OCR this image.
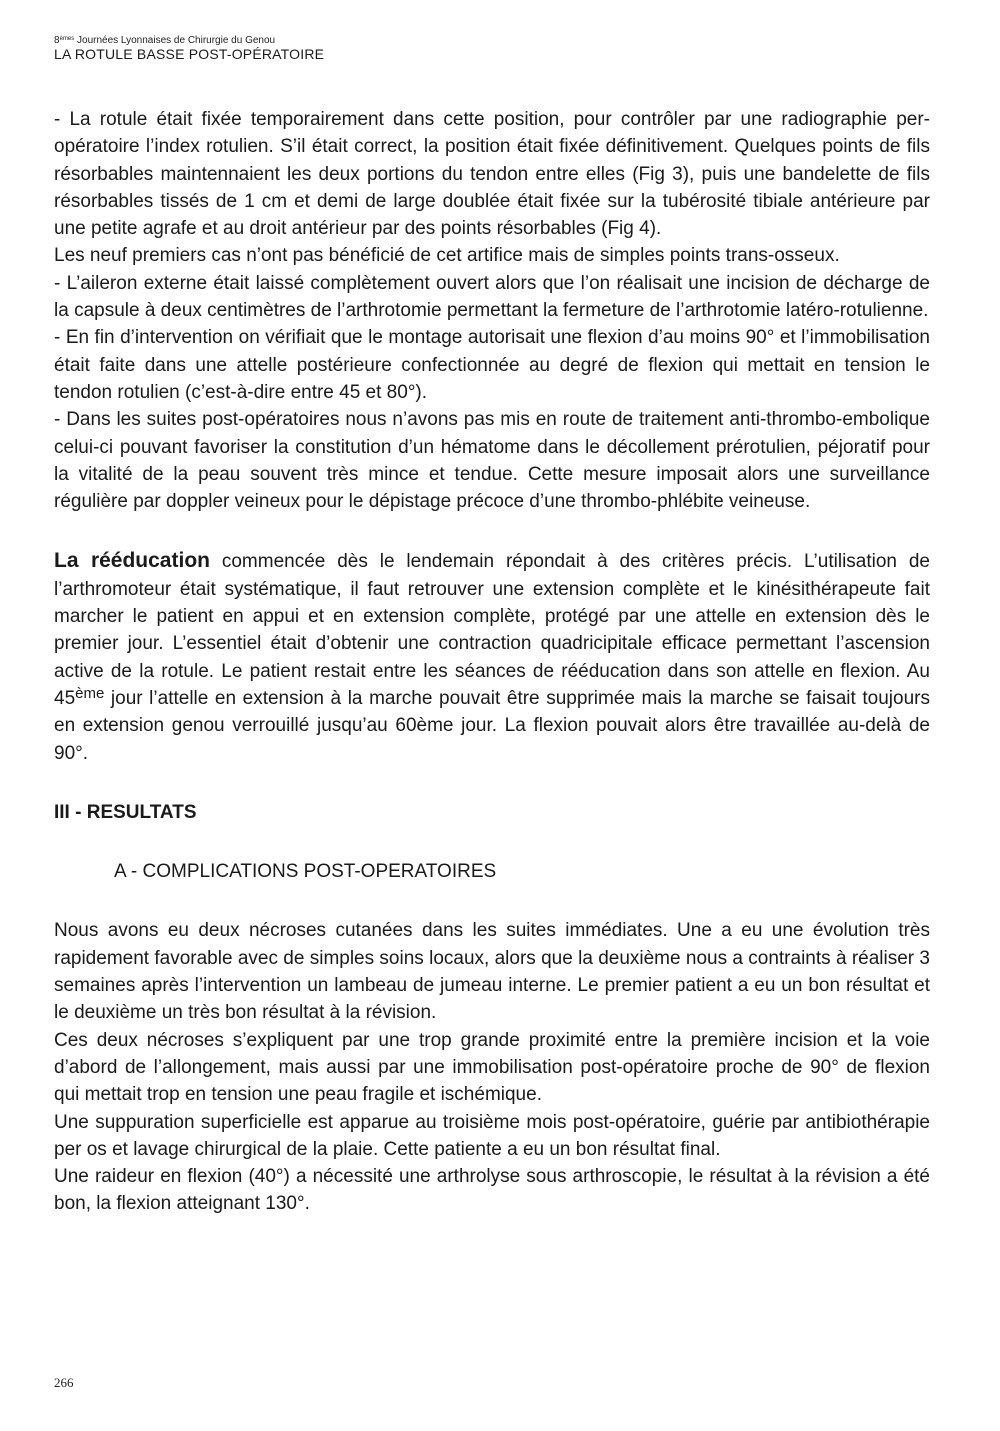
8èmes Journées Lyonnaises de Chirurgie du Genou
LA ROTULE BASSE POST-OPÉRATOIRE

- La rotule était fixée temporairement dans cette position, pour contrôler par une radiographie per-opératoire l’index rotulien. S’il était correct, la position était fixée définitivement. Quelques points de fils résorbables maintennaient les deux portions du tendon entre elles (Fig 3), puis une bandelette de fils résorbables tissés de 1 cm et demi de large doublée était fixée sur la tubérosité tibiale antérieure par une petite agrafe et au droit antérieur par des points résorbables (Fig 4).

Les neuf premiers cas n’ont pas bénéficié de cet artifice mais de simples points trans-osseux.

- L’aileron externe était laissé complètement ouvert alors que l’on réalisait une incision de décharge de la capsule à deux centimètres de l’arthrotomie permettant la fermeture de l’arthrotomie latéro-rotulienne.

- En fin d’intervention on vérifiait que le montage autorisait une flexion d’au moins 90° et l’immobilisation était faite dans une attelle postérieure confectionnée au degré de flexion qui mettait en tension le tendon rotulien (c’est-à-dire entre 45 et 80°).

- Dans les suites post-opératoires nous n’avons pas mis en route de traitement anti-thrombo-embolique celui-ci pouvant favoriser la constitution d’un hématome dans le décollement prérotulien, péjoratif pour la vitalité de la peau souvent très mince et tendue. Cette mesure imposait alors une surveillance régulière par doppler veineux pour le dépistage précoce d’une thrombo-phlébite veineuse.

La rééducation commencée dès le lendemain répondait à des critères précis. L’utilisation de l’arthromoteur était systématique, il faut retrouver une extension complète et le kinésithérapeute fait marcher le patient en appui et en extension complète, protégé par une attelle en extension dès le premier jour. L’essentiel était d’obtenir une contraction quadricipitale efficace permettant l’ascension active de la rotule. Le patient restait entre les séances de rééducation dans son attelle en flexion. Au 45ème jour l’attelle en extension à la marche pouvait être supprimée mais la marche se faisait toujours en extension genou verrouillé jusqu’au 60ème jour. La flexion pouvait alors être travaillée au-delà de 90°.

III - RESULTATS

A - COMPLICATIONS POST-OPERATOIRES

Nous avons eu deux nécroses cutanées dans les suites immédiates. Une a eu une évolution très rapidement favorable avec de simples soins locaux, alors que la deuxième nous a contraints à réaliser 3 semaines après l’intervention un lambeau de jumeau interne. Le premier patient a eu un bon résultat et le deuxième un très bon résultat à la révision.

Ces deux nécroses s’expliquent par une trop grande proximité entre la première incision et la voie d’abord de l’allongement, mais aussi par une immobilisation post-opératoire proche de 90° de flexion qui mettait trop en tension une peau fragile et ischémique.

Une suppuration superficielle est apparue au troisième mois post-opératoire, guérie par antibiothérapie per os et lavage chirurgical de la plaie. Cette patiente a eu un bon résultat final.

Une raideur en flexion (40°) a nécessité une arthrolyse sous arthroscopie, le résultat à la révision a été bon, la flexion atteignant 130°.

266
